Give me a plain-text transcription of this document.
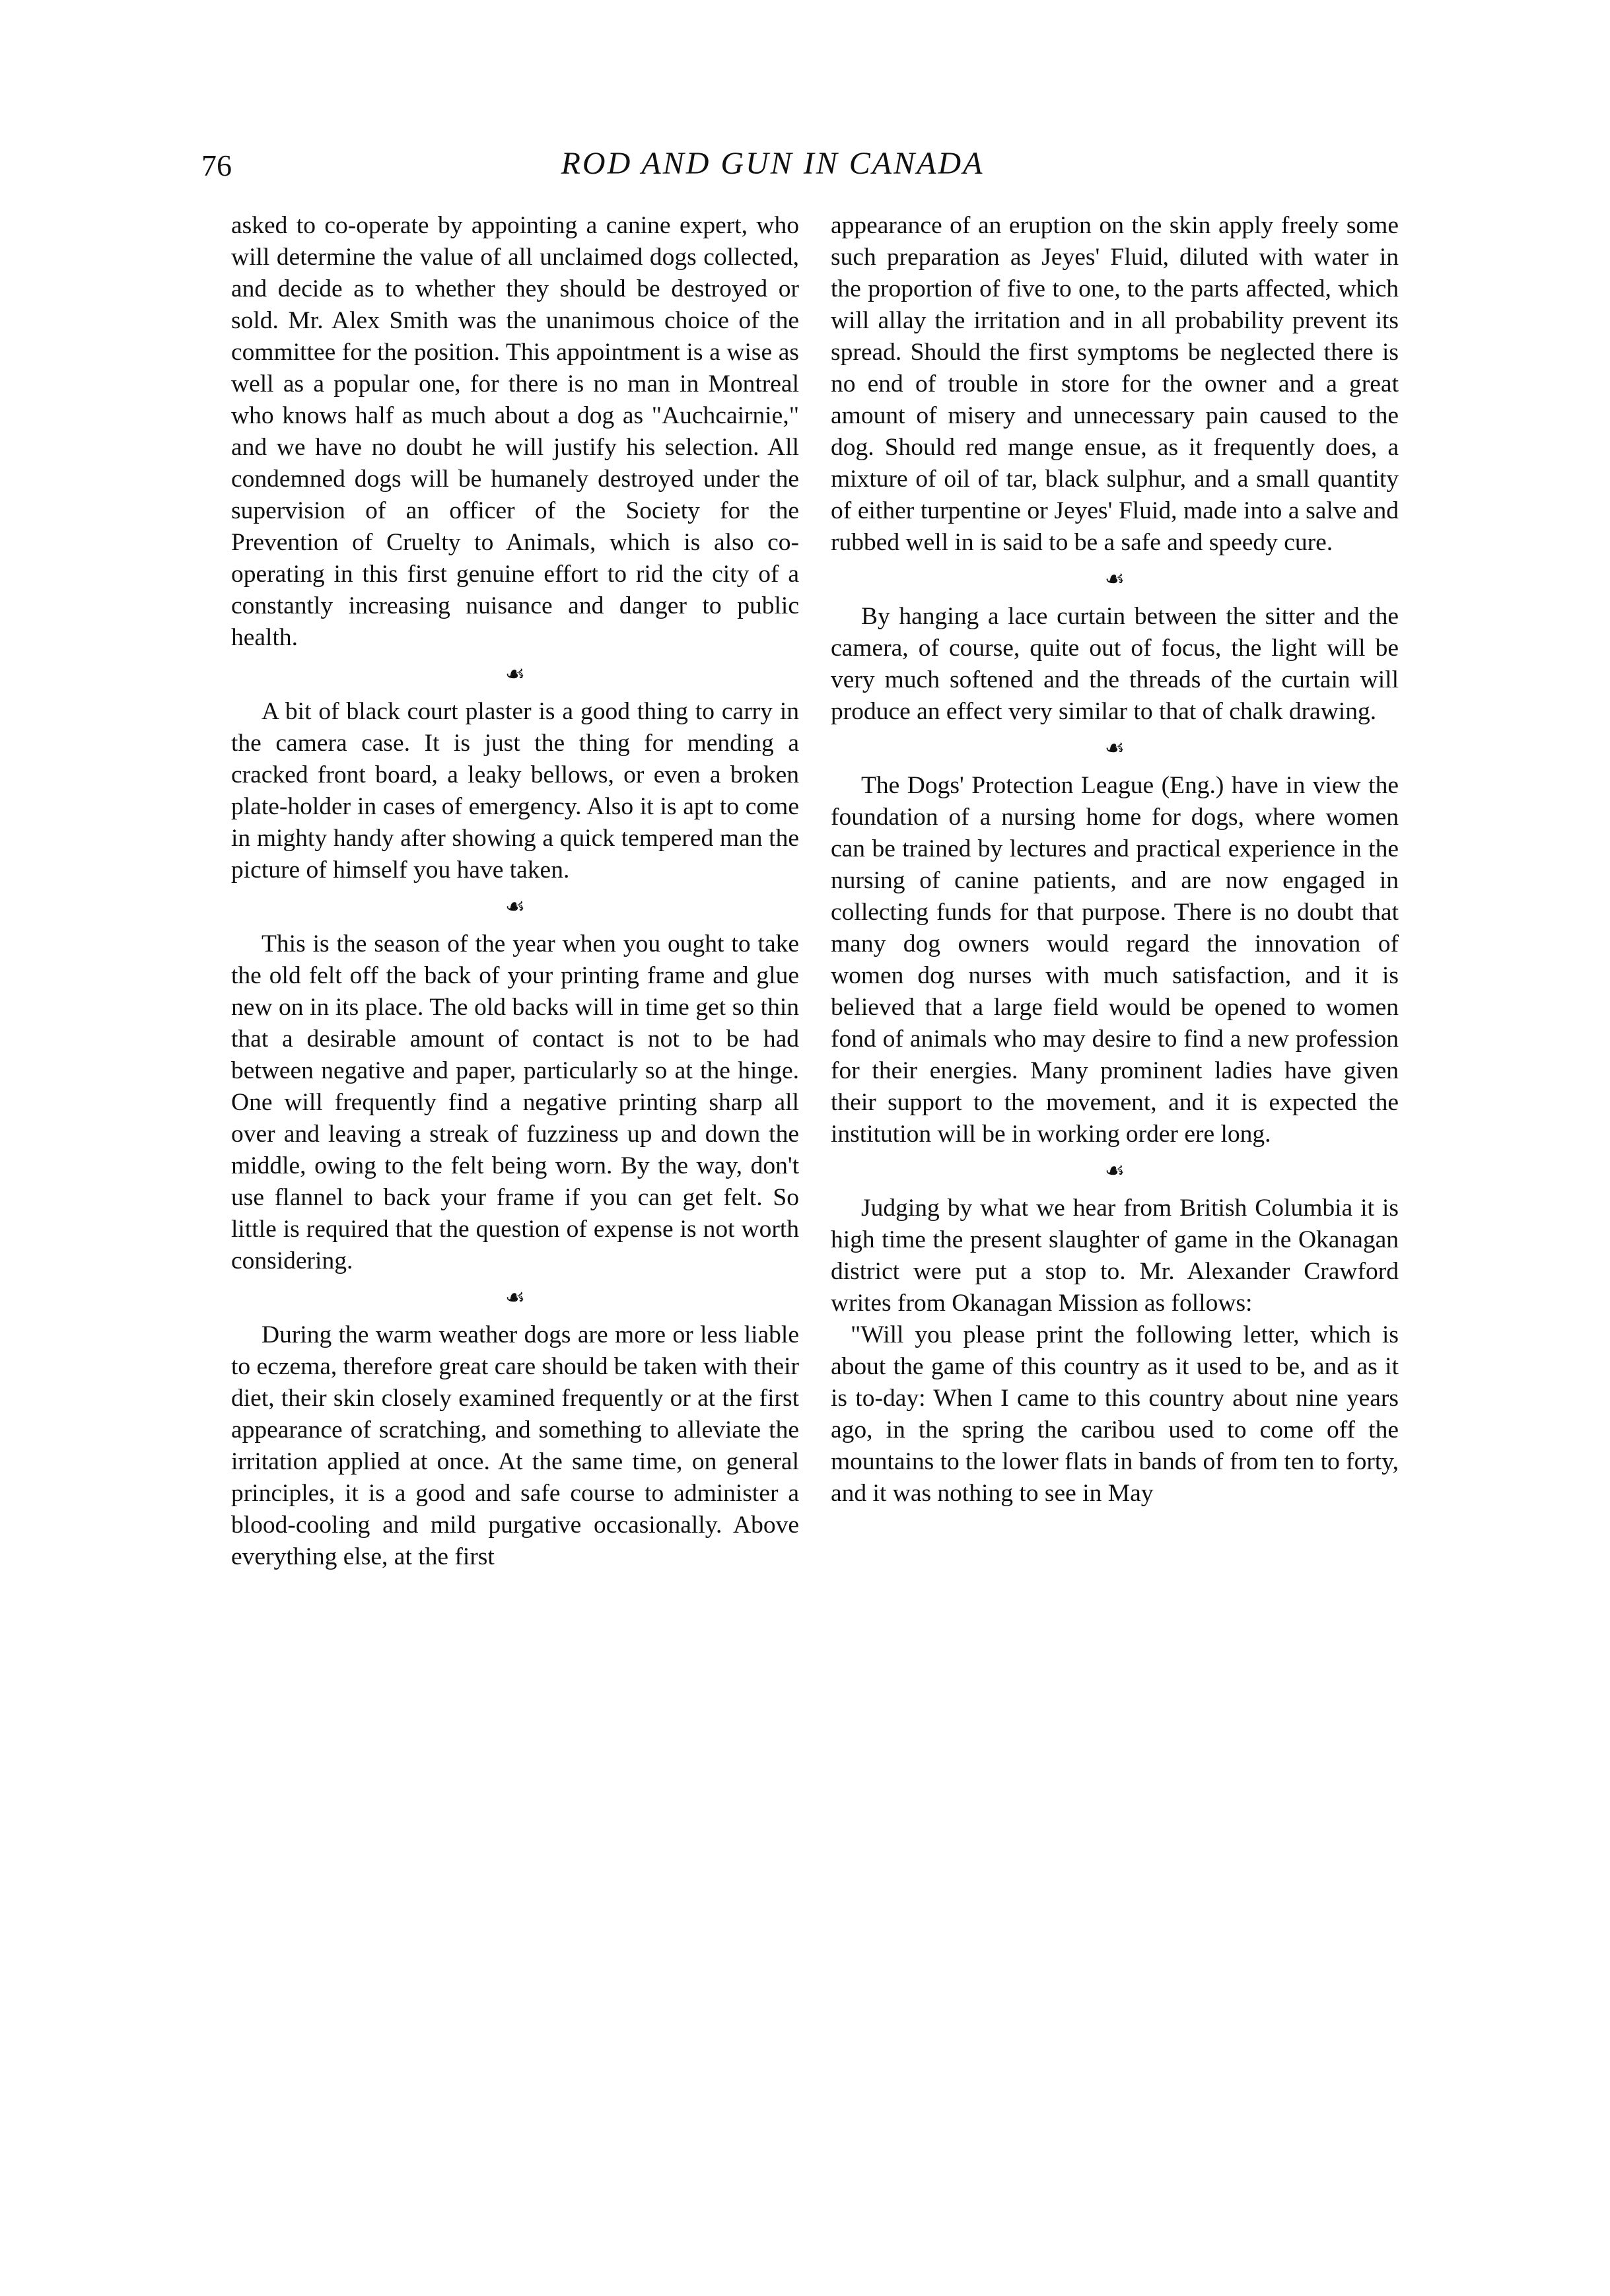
76	ROD AND GUN IN CANADA

asked to co-operate by appointing a canine expert, who will determine the value of all unclaimed dogs collected, and decide as to whether they should be destroyed or sold. Mr. Alex Smith was the unanimous choice of the committee for the position. This appointment is a wise as well as a popular one, for there is no man in Montreal who knows half as much about a dog as "Auchcairnie," and we have no doubt he will justify his selection. All condemned dogs will be humanely destroyed under the supervision of an officer of the Society for the Prevention of Cruelty to Animals, which is also co-operating in this first genuine effort to rid the city of a constantly increasing nuisance and danger to public health.

☙

A bit of black court plaster is a good thing to carry in the camera case. It is just the thing for mending a cracked front board, a leaky bellows, or even a broken plate-holder in cases of emergency. Also it is apt to come in mighty handy after showing a quick tempered man the picture of himself you have taken.

☙

This is the season of the year when you ought to take the old felt off the back of your printing frame and glue new on in its place. The old backs will in time get so thin that a desirable amount of contact is not to be had between negative and paper, particularly so at the hinge. One will frequently find a negative printing sharp all over and leaving a streak of fuzziness up and down the middle, owing to the felt being worn. By the way, don't use flannel to back your frame if you can get felt. So little is required that the question of expense is not worth considering.

☙

During the warm weather dogs are more or less liable to eczema, therefore great care should be taken with their diet, their skin closely examined frequently or at the first appearance of scratching, and something to alleviate the irritation applied at once. At the same time, on general principles, it is a good and safe course to administer a blood-cooling and mild purgative occasionally. Above everything else, at the first

appearance of an eruption on the skin apply freely some such preparation as Jeyes' Fluid, diluted with water in the proportion of five to one, to the parts affected, which will allay the irritation and in all probability prevent its spread. Should the first symptoms be neglected there is no end of trouble in store for the owner and a great amount of misery and unnecessary pain caused to the dog. Should red mange ensue, as it frequently does, a mixture of oil of tar, black sulphur, and a small quantity of either turpentine or Jeyes' Fluid, made into a salve and rubbed well in is said to be a safe and speedy cure.

☙

By hanging a lace curtain between the sitter and the camera, of course, quite out of focus, the light will be very much softened and the threads of the curtain will produce an effect very similar to that of chalk drawing.

☙

The Dogs' Protection League (Eng.) have in view the foundation of a nursing home for dogs, where women can be trained by lectures and practical experience in the nursing of canine patients, and are now engaged in collecting funds for that purpose. There is no doubt that many dog owners would regard the innovation of women dog nurses with much satisfaction, and it is believed that a large field would be opened to women fond of animals who may desire to find a new profession for their energies. Many prominent ladies have given their support to the movement, and it is expected the institution will be in working order ere long.

☙

Judging by what we hear from British Columbia it is high time the present slaughter of game in the Okanagan district were put a stop to. Mr. Alexander Crawford writes from Okanagan Mission as follows:

"Will you please print the following letter, which is about the game of this country as it used to be, and as it is to-day: When I came to this country about nine years ago, in the spring the caribou used to come off the mountains to the lower flats in bands of from ten to forty, and it was nothing to see in May
